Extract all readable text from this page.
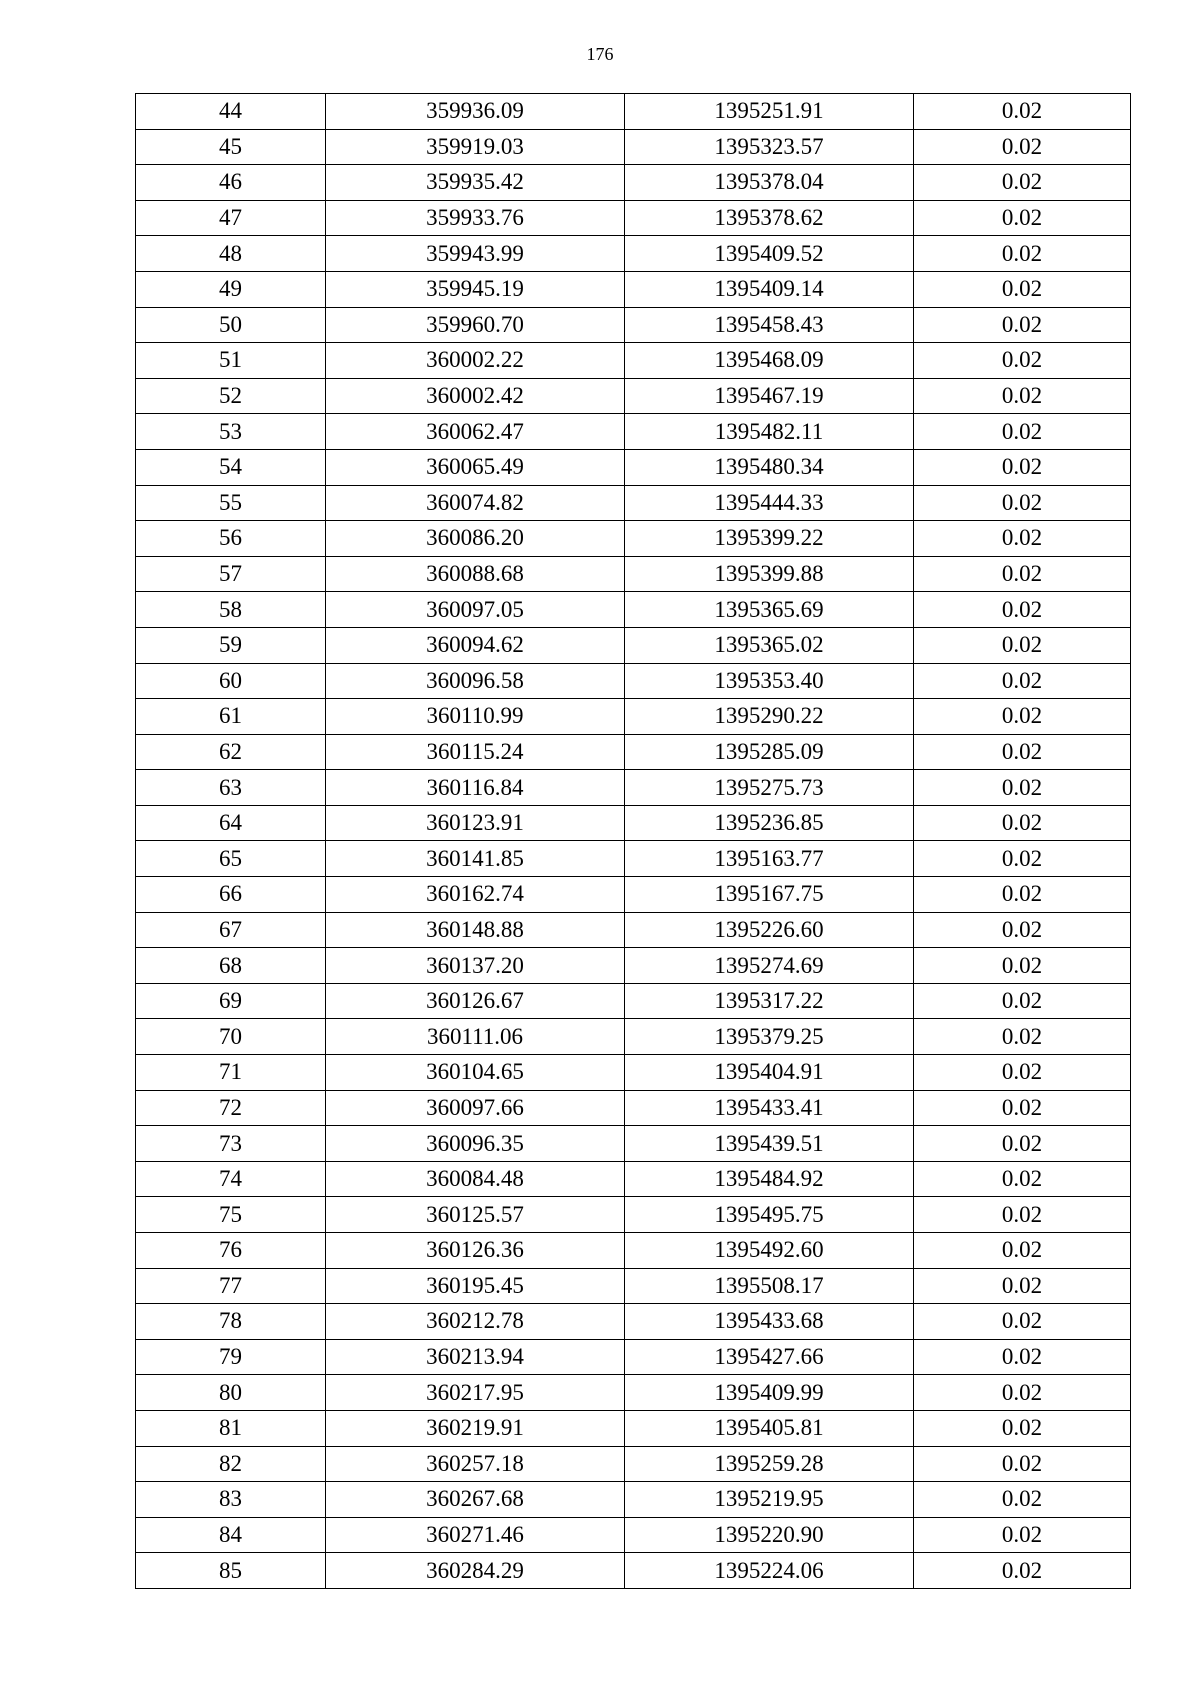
176
44	359936.09	1395251.91	0.02
45	359919.03	1395323.57	0.02
46	359935.42	1395378.04	0.02
47	359933.76	1395378.62	0.02
48	359943.99	1395409.52	0.02
49	359945.19	1395409.14	0.02
50	359960.70	1395458.43	0.02
51	360002.22	1395468.09	0.02
52	360002.42	1395467.19	0.02
53	360062.47	1395482.11	0.02
54	360065.49	1395480.34	0.02
55	360074.82	1395444.33	0.02
56	360086.20	1395399.22	0.02
57	360088.68	1395399.88	0.02
58	360097.05	1395365.69	0.02
59	360094.62	1395365.02	0.02
60	360096.58	1395353.40	0.02
61	360110.99	1395290.22	0.02
62	360115.24	1395285.09	0.02
63	360116.84	1395275.73	0.02
64	360123.91	1395236.85	0.02
65	360141.85	1395163.77	0.02
66	360162.74	1395167.75	0.02
67	360148.88	1395226.60	0.02
68	360137.20	1395274.69	0.02
69	360126.67	1395317.22	0.02
70	360111.06	1395379.25	0.02
71	360104.65	1395404.91	0.02
72	360097.66	1395433.41	0.02
73	360096.35	1395439.51	0.02
74	360084.48	1395484.92	0.02
75	360125.57	1395495.75	0.02
76	360126.36	1395492.60	0.02
77	360195.45	1395508.17	0.02
78	360212.78	1395433.68	0.02
79	360213.94	1395427.66	0.02
80	360217.95	1395409.99	0.02
81	360219.91	1395405.81	0.02
82	360257.18	1395259.28	0.02
83	360267.68	1395219.95	0.02
84	360271.46	1395220.90	0.02
85	360284.29	1395224.06	0.02
